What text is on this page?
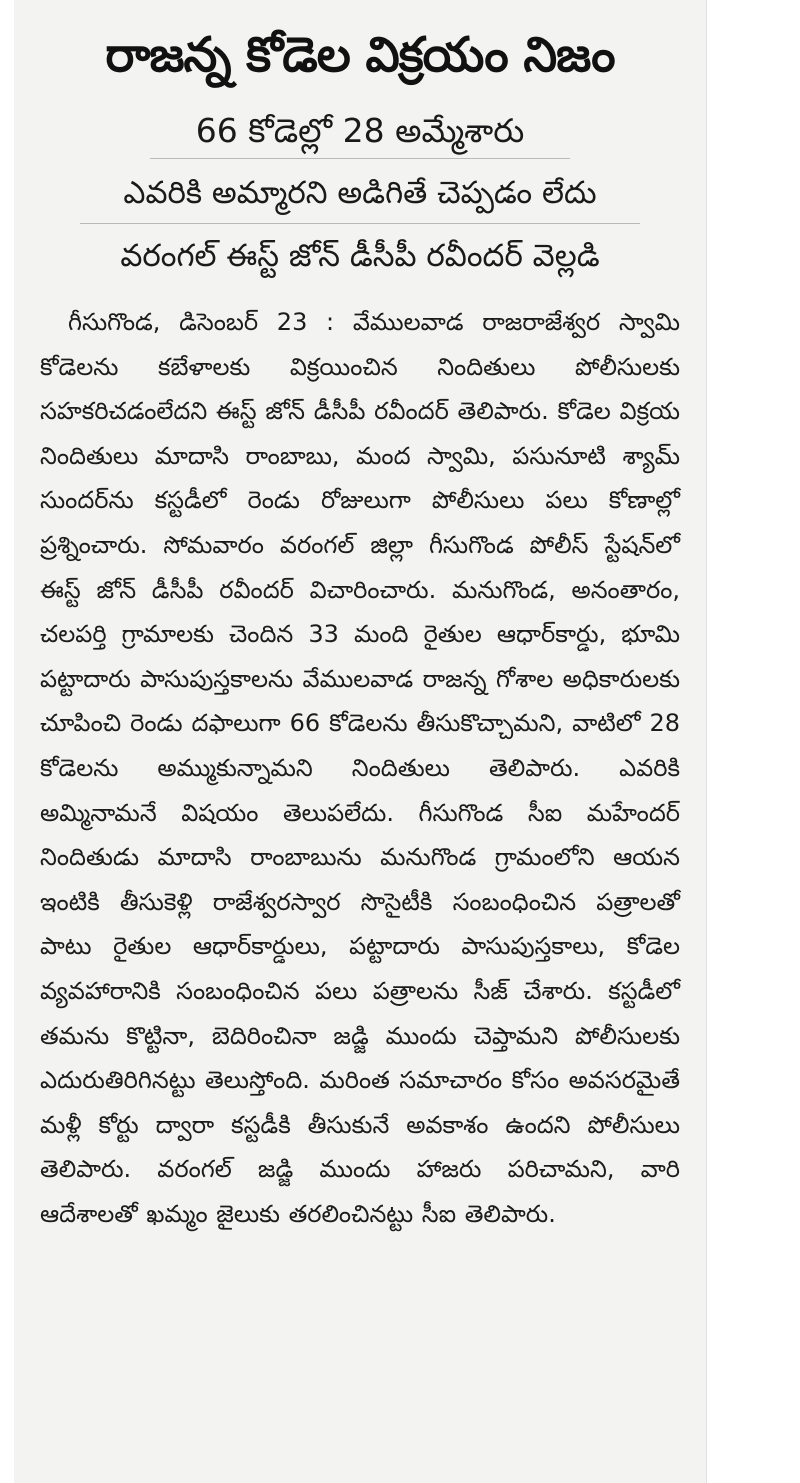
రాజన్న కోడెల విక్రయం నిజం
66 కోడెల్లో 28 అమ్మేశారు
ఎవరికి అమ్మారని అడిగితే చెప్పడం లేదు
వరంగల్ ఈస్ట్ జోన్ డీసీపీ రవీందర్ వెల్లడి

గీసుగొండ, డిసెంబర్ 23 : వేములవాడ రాజరాజేశ్వర స్వామి కోడెలను కబేళాలకు విక్రయించిన నిందితులు పోలీసులకు సహకరిచడంలేదని ఈస్ట్ జోన్ డీసీపీ రవీందర్ తెలిపారు. కోడెల విక్రయ నిందితులు మాదాసి రాంబాబు, మంద స్వామి, పసునూటి శ్యామ్ సుందర్‌ను కస్టడీలో రెండు రోజులుగా పోలీసులు పలు కోణాల్లో ప్రశ్నించారు. సోమవారం వరంగల్ జిల్లా గీసుగొండ పోలీస్ స్టేషన్‌లో ఈస్ట్ జోన్ డీసీపీ రవీందర్ విచారించారు. మనుగొండ, అనంతారం, చలపర్తి గ్రామాలకు చెందిన 33 మంది రైతుల ఆధార్‌కార్డు, భూమి పట్టాదారు పాసుపుస్తకాలను వేములవాడ రాజన్న గోశాల అధికారులకు చూపించి రెండు దఫాలుగా 66 కోడెలను తీసుకొచ్చామని, వాటిలో 28 కోడెలను అమ్ముకున్నామని నిందితులు తెలిపారు. ఎవరికి అమ్మినామనే విషయం తెలుపలేదు. గీసుగొండ సీఐ మహేందర్ నిందితుడు మాదాసి రాంబాబును మనుగొండ గ్రామంలోని ఆయన ఇంటికి తీసుకెళ్లి రాజేశ్వరస్వార సొసైటీకి సంబంధించిన పత్రాలతో పాటు రైతుల ఆధార్‌కార్డులు, పట్టాదారు పాసుపుస్తకాలు, కోడెల వ్యవహారానికి సంబంధించిన పలు పత్రాలను సీజ్ చేశారు. కస్టడీలో తమను కొట్టినా, బెదిరించినా జడ్జి ముందు చెప్తామని పోలీసులకు ఎదురుతిరిగినట్టు తెలుస్తోంది. మరింత సమాచారం కోసం అవసరమైతే మళ్లీ కోర్టు ద్వారా కస్టడీకి తీసుకునే అవకాశం ఉందని పోలీసులు తెలిపారు. వరంగల్ జడ్జి ముందు హాజరు పరిచామని, వారి ఆదేశాలతో ఖమ్మం జైలుకు తరలించినట్టు సీఐ తెలిపారు.
